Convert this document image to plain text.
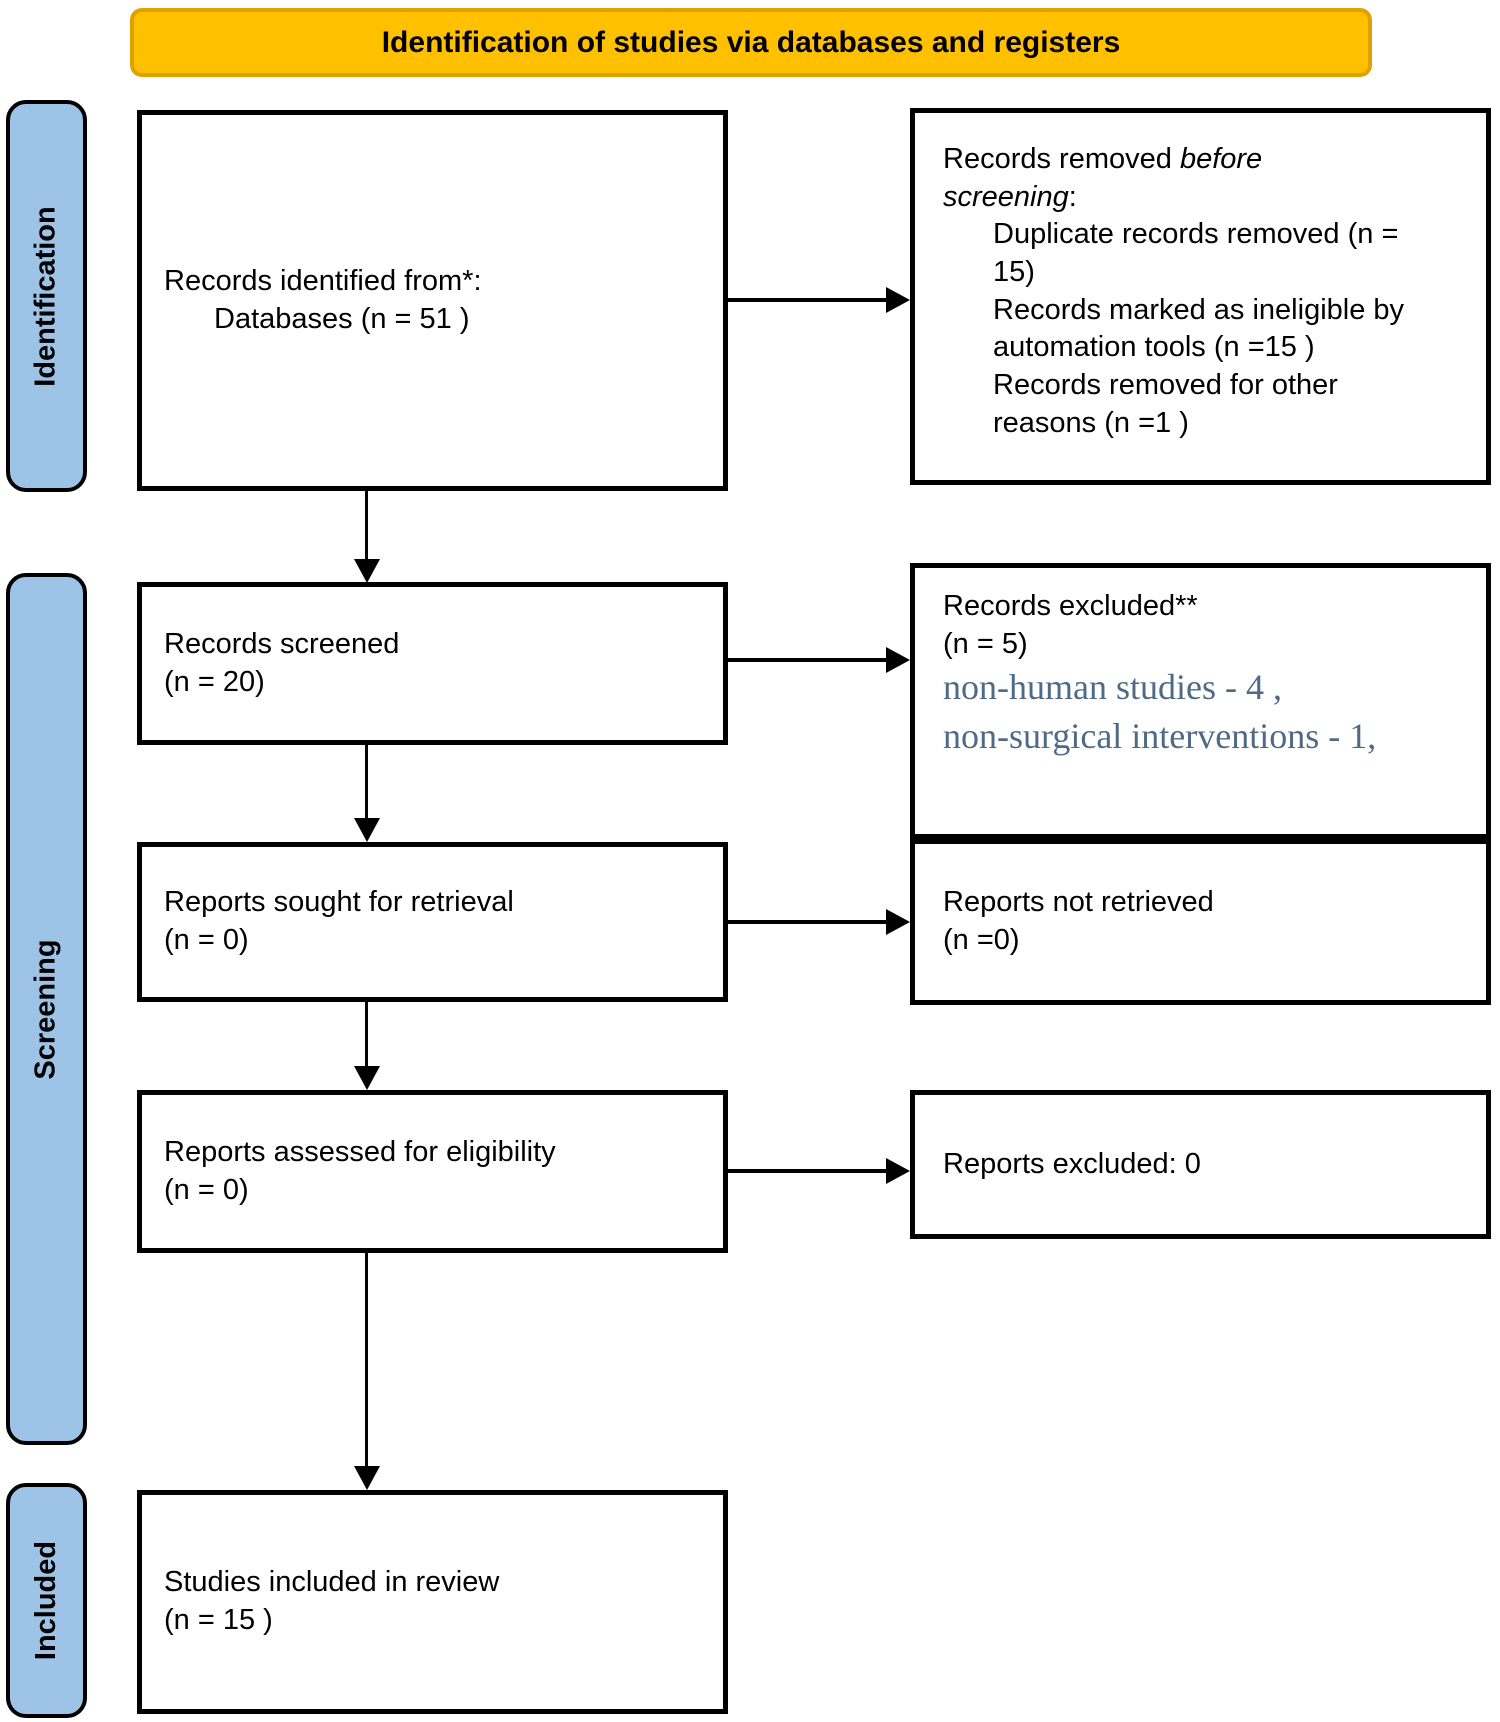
Identification of studies via databases and registers
Identification
Screening
Included
Records identified from*:
Databases (n = 51 )
Records screened
(n = 20)
Reports sought for retrieval
(n = 0)
Reports assessed for eligibility
(n = 0)
Studies included in review
(n = 15 )
Records removed before screening:
Duplicate records removed (n = 15)
Records marked as ineligible by automation tools (n =15 )
Records removed for other reasons (n =1 )
Records excluded**
(n = 5)
non-human studies - 4 ,
non-surgical interventions - 1,
Reports not retrieved
(n =0)
Reports excluded: 0
